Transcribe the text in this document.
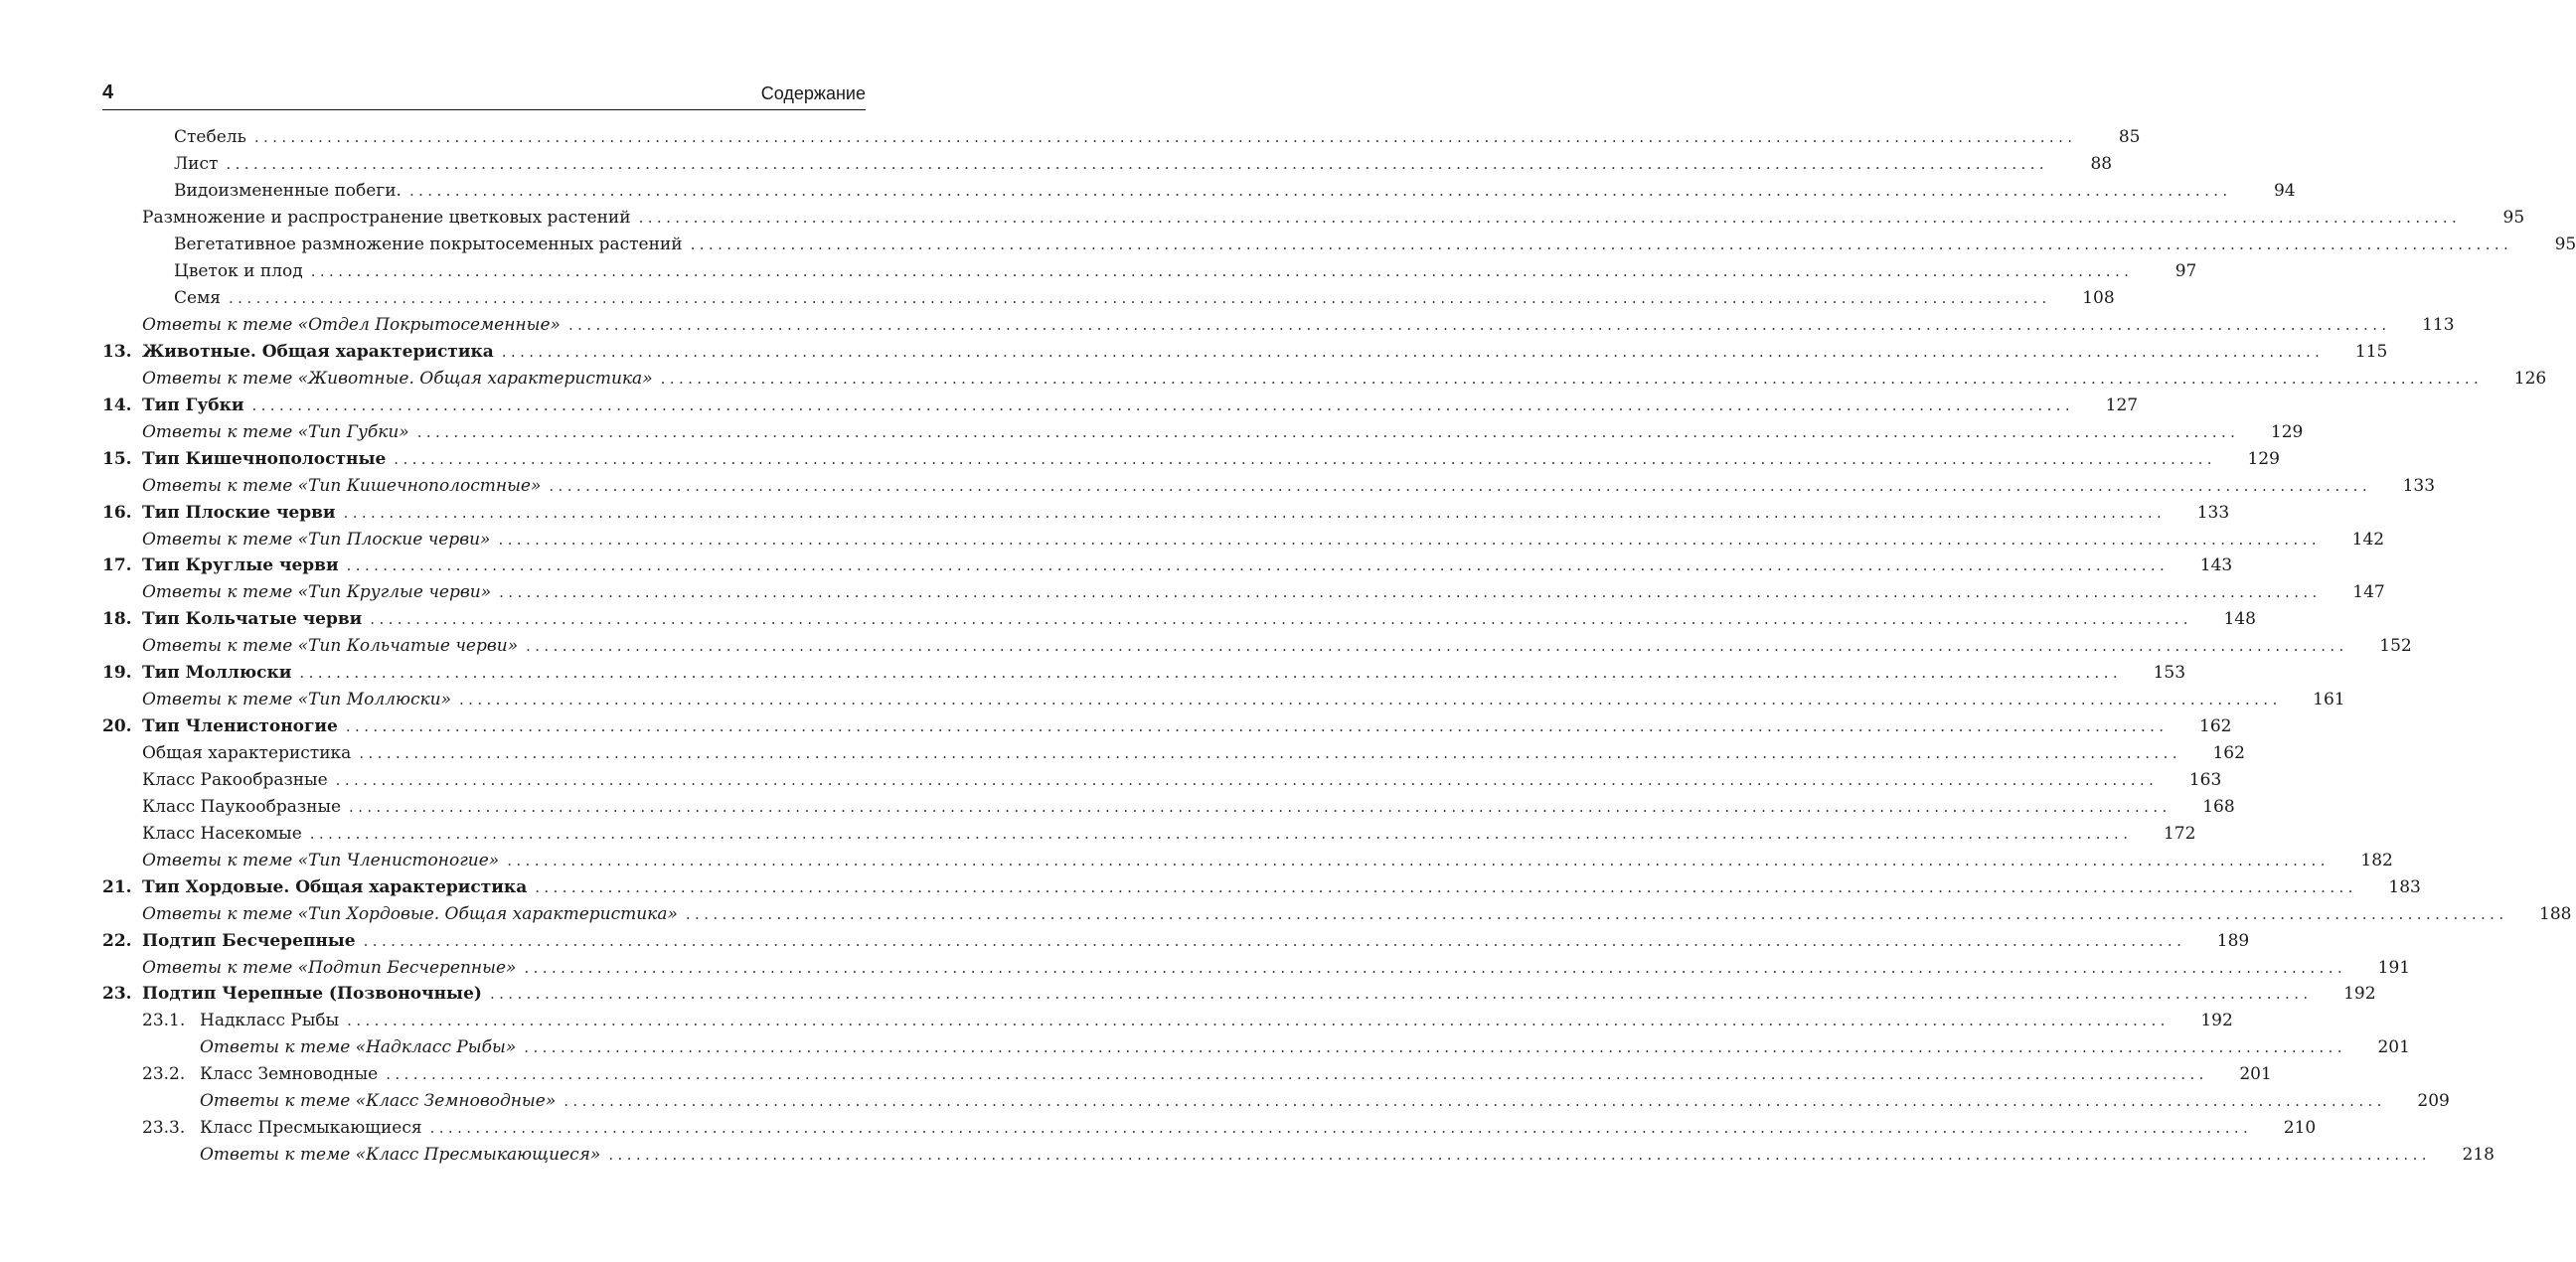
4	Содержание
Стебель ........................................................................................................................................................................................................	85
Лист ........................................................................................................................................................................................................	88
Видоизмененные побеги. ........................................................................................................................................................................................................	94
Размножение и распространение цветковых растений ........................................................................................................................................................................................................	95
Вегетативное размножение покрытосеменных растений ........................................................................................................................................................................................................	95
Цветок и плод ........................................................................................................................................................................................................	97
Семя ........................................................................................................................................................................................................	108
Ответы к теме «Отдел Покрытосеменные» ........................................................................................................................................................................................................	113
13. Животные. Общая характеристика ........................................................................................................................................................................................................	115
Ответы к теме «Животные. Общая характеристика» ........................................................................................................................................................................................................	126
14. Тип Губки ........................................................................................................................................................................................................	127
Ответы к теме «Тип Губки» ........................................................................................................................................................................................................	129
15. Тип Кишечнополостные ........................................................................................................................................................................................................	129
Ответы к теме «Тип Кишечнополостные» ........................................................................................................................................................................................................	133
16. Тип Плоские черви ........................................................................................................................................................................................................	133
Ответы к теме «Тип Плоские черви» ........................................................................................................................................................................................................	142
17. Тип Круглые черви ........................................................................................................................................................................................................	143
Ответы к теме «Тип Круглые черви» ........................................................................................................................................................................................................	147
18. Тип Кольчатые черви ........................................................................................................................................................................................................	148
Ответы к теме «Тип Кольчатые черви» ........................................................................................................................................................................................................	152
19. Тип Моллюски ........................................................................................................................................................................................................	153
Ответы к теме «Тип Моллюски» ........................................................................................................................................................................................................	161
20. Тип Членистоногие ........................................................................................................................................................................................................	162
Общая характеристика ........................................................................................................................................................................................................	162
Класс Ракообразные ........................................................................................................................................................................................................	163
Класс Паукообразные ........................................................................................................................................................................................................	168
Класс Насекомые ........................................................................................................................................................................................................	172
Ответы к теме «Тип Членистоногие» ........................................................................................................................................................................................................	182
21. Тип Хордовые. Общая характеристика ........................................................................................................................................................................................................	183
Ответы к теме «Тип Хордовые. Общая характеристика» ........................................................................................................................................................................................................	188
22. Подтип Бесчерепные ........................................................................................................................................................................................................	189
Ответы к теме «Подтип Бесчерепные» ........................................................................................................................................................................................................	191
23. Подтип Черепные (Позвоночные) ........................................................................................................................................................................................................	192
23.1. Надкласс Рыбы ........................................................................................................................................................................................................	192
Ответы к теме «Надкласс Рыбы» ........................................................................................................................................................................................................	201
23.2. Класс Земноводные ........................................................................................................................................................................................................	201
Ответы к теме «Класс Земноводные» ........................................................................................................................................................................................................	209
23.3. Класс Пресмыкающиеся ........................................................................................................................................................................................................	210
Ответы к теме «Класс Пресмыкающиеся» ........................................................................................................................................................................................................	218
